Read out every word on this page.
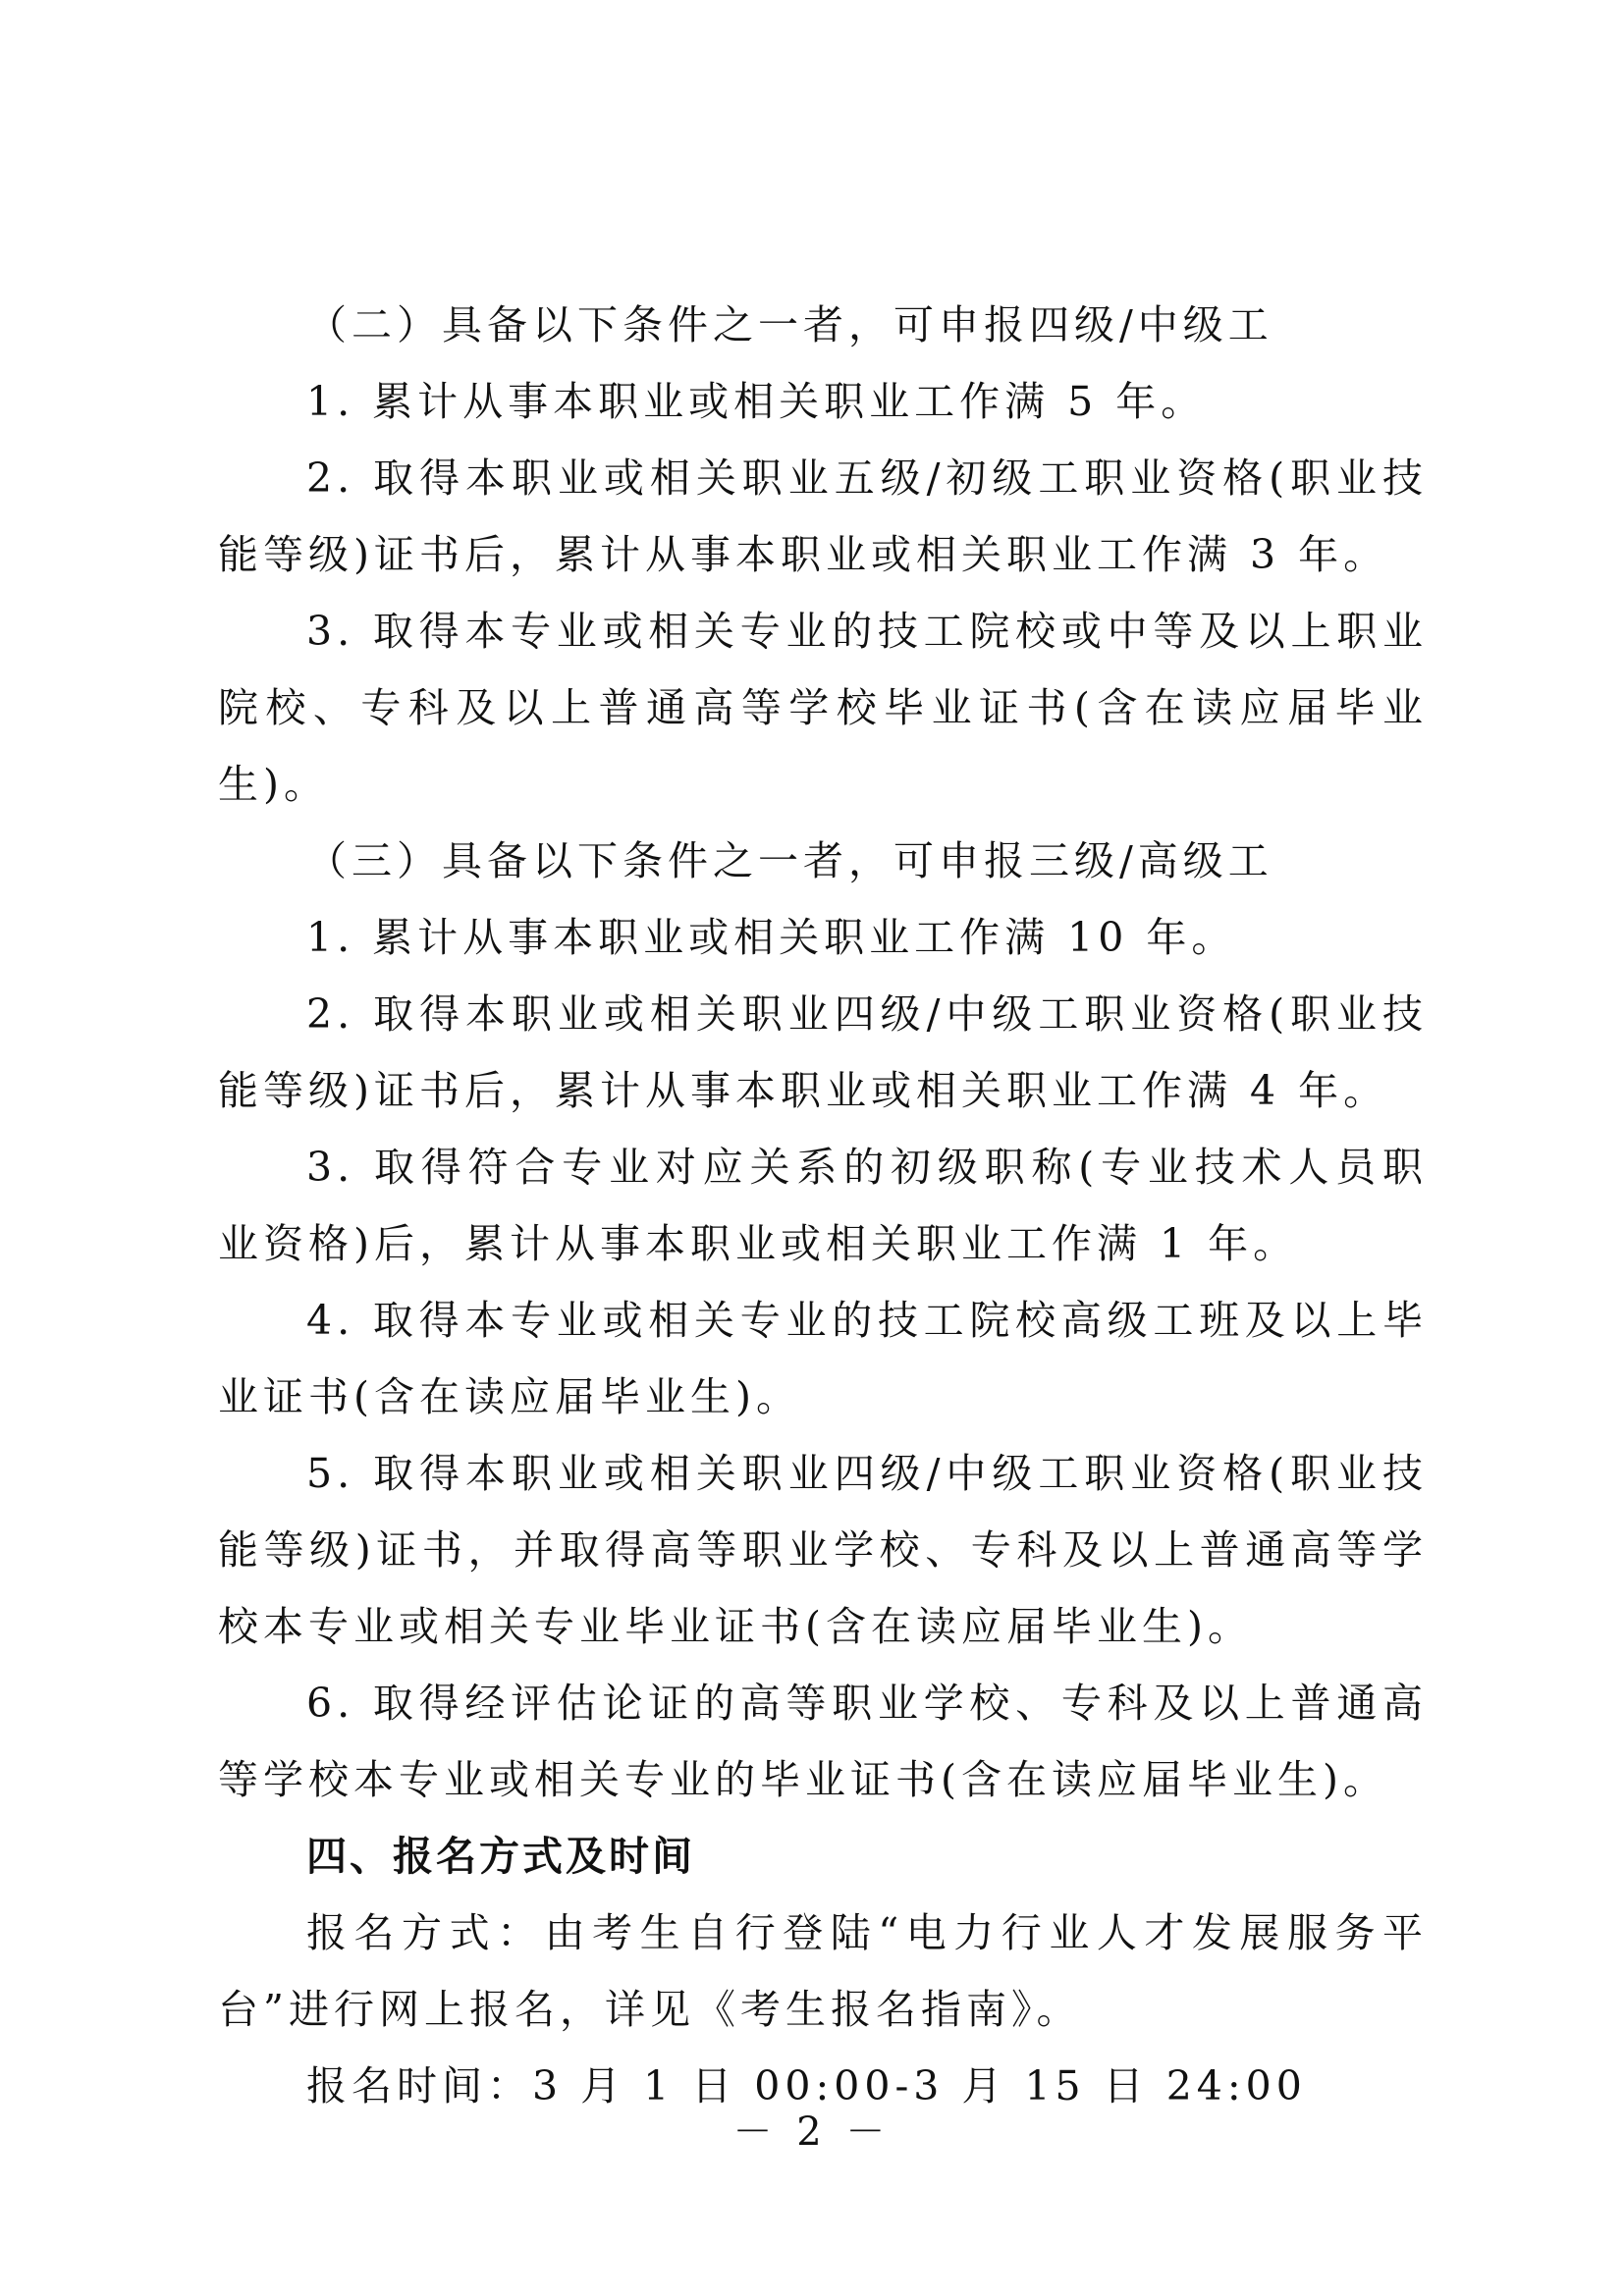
（二）具备以下条件之一者，可申报四级/中级工

1. 累计从事本职业或相关职业工作满 5 年。

2. 取得本职业或相关职业五级/初级工职业资格(职业技能等级)证书后，累计从事本职业或相关职业工作满 3 年。

3. 取得本专业或相关专业的技工院校或中等及以上职业院校、专科及以上普通高等学校毕业证书(含在读应届毕业生)。

（三）具备以下条件之一者，可申报三级/高级工

1. 累计从事本职业或相关职业工作满 10 年。

2. 取得本职业或相关职业四级/中级工职业资格(职业技能等级)证书后，累计从事本职业或相关职业工作满 4 年。

3. 取得符合专业对应关系的初级职称(专业技术人员职业资格)后，累计从事本职业或相关职业工作满 1 年。

4. 取得本专业或相关专业的技工院校高级工班及以上毕业证书(含在读应届毕业生)。

5. 取得本职业或相关职业四级/中级工职业资格(职业技能等级)证书，并取得高等职业学校、专科及以上普通高等学校本专业或相关专业毕业证书(含在读应届毕业生)。

6. 取得经评估论证的高等职业学校、专科及以上普通高等学校本专业或相关专业的毕业证书(含在读应届毕业生)。

四、报名方式及时间

报名方式：由考生自行登陆“电力行业人才发展服务平台”进行网上报名，详见《考生报名指南》。

报名时间：3 月 1 日 00:00-3 月 15 日 24:00

－ 2 －
